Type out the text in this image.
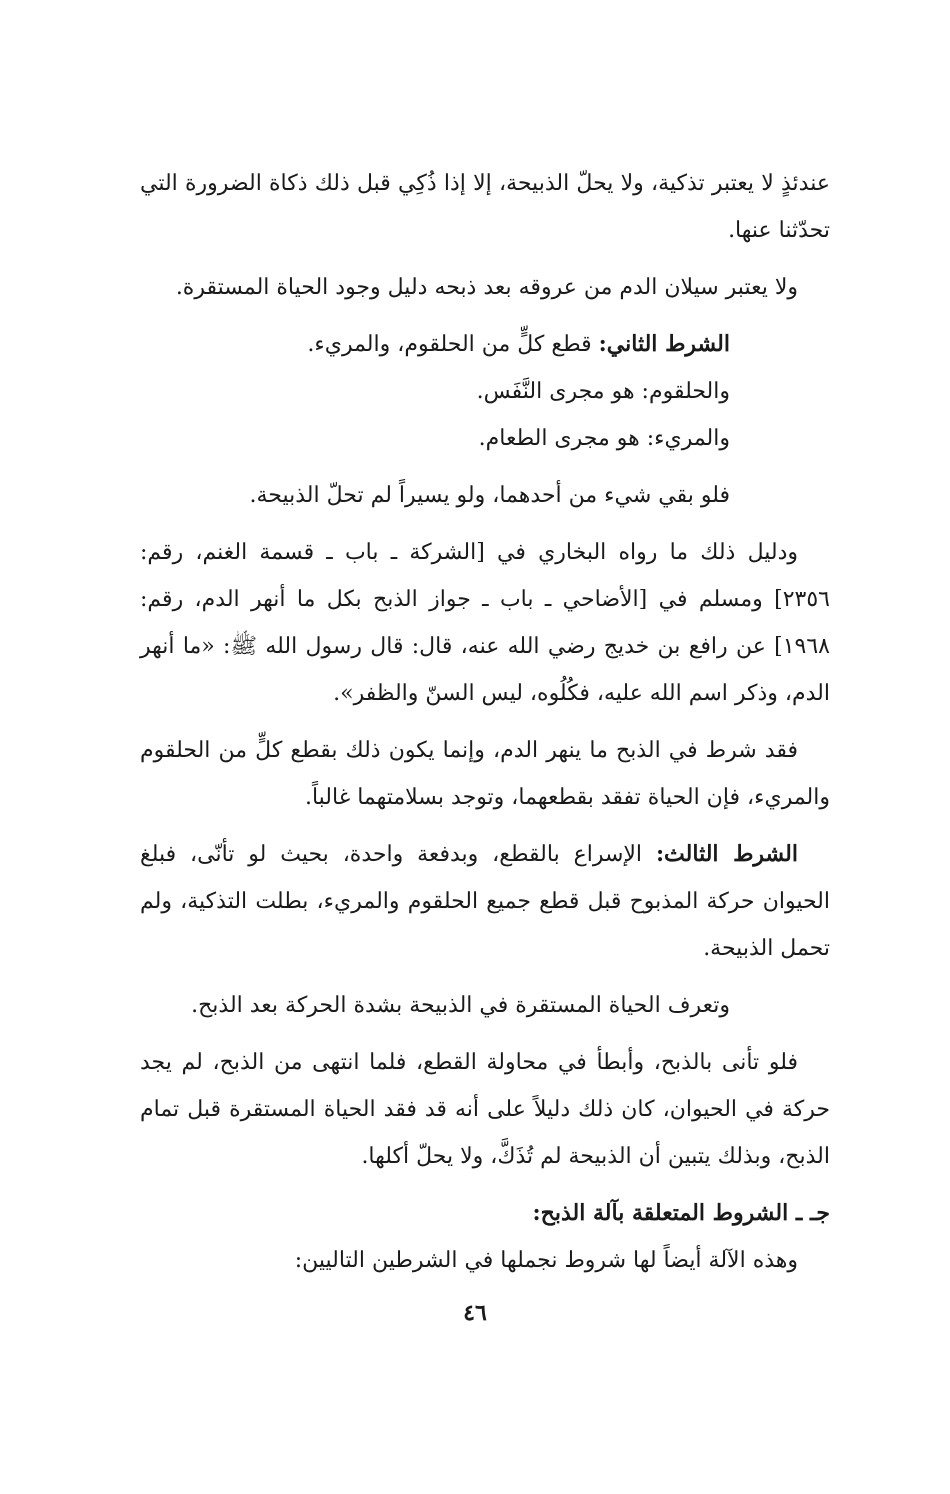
عندئذٍ لا يعتبر تذكية، ولا يحلّ الذبيحة، إلا إذا ذُكِي قبل ذلك ذكاة الضرورة التي تحدّثنا عنها.

ولا يعتبر سيلان الدم من عروقه بعد ذبحه دليل وجود الحياة المستقرة.

الشرط الثاني: قطع كلٍّ من الحلقوم، والمريء.

والحلقوم: هو مجرى النَّفَس.

والمريء: هو مجرى الطعام.

فلو بقي شيء من أحدهما، ولو يسيراً لم تحلّ الذبيحة.

ودليل ذلك ما رواه البخاري في [الشركة ـ باب ـ قسمة الغنم، رقم: ٢٣٥٦] ومسلم في [الأضاحي ـ باب ـ جواز الذبح بكل ما أنهر الدم، رقم: ١٩٦٨] عن رافع بن خديج رضي الله عنه، قال: قال رسول الله ﷺ: «ما أنهر الدم، وذكر اسم الله عليه، فكُلُوه، ليس السنّ والظفر».

فقد شرط في الذبح ما ينهر الدم، وإنما يكون ذلك بقطع كلٍّ من الحلقوم والمريء، فإن الحياة تفقد بقطعهما، وتوجد بسلامتهما غالباً.

الشرط الثالث: الإسراع بالقطع، وبدفعة واحدة، بحيث لو تأنّى، فبلغ الحيوان حركة المذبوح قبل قطع جميع الحلقوم والمريء، بطلت التذكية، ولم تحمل الذبيحة.

وتعرف الحياة المستقرة في الذبيحة بشدة الحركة بعد الذبح.

فلو تأنى بالذبح، وأبطأ في محاولة القطع، فلما انتهى من الذبح، لم يجد حركة في الحيوان، كان ذلك دليلاً على أنه قد فقد الحياة المستقرة قبل تمام الذبح، وبذلك يتبين أن الذبيحة لم تُذَكَّ، ولا يحلّ أكلها.

جـ ـ الشروط المتعلقة بآلة الذبح:

وهذه الآلة أيضاً لها شروط نجملها في الشرطين التاليين:

٤٦
